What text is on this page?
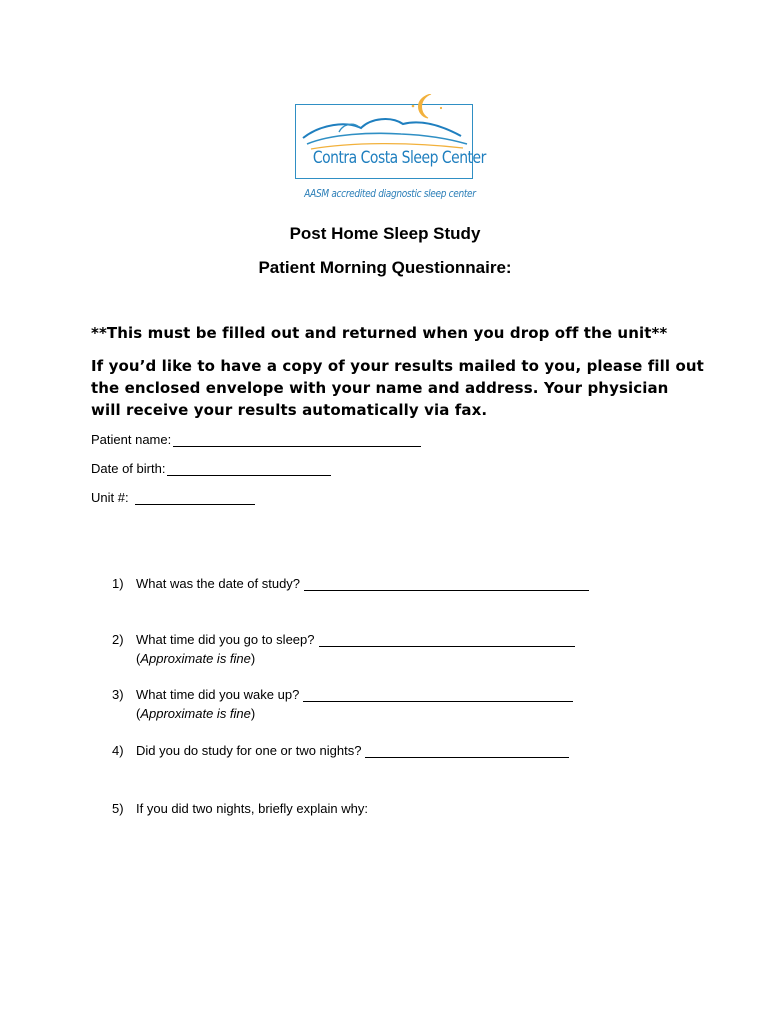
Contra Costa Sleep Center
AASM accredited diagnostic sleep center
Post Home Sleep Study
Patient Morning Questionnaire:
**This must be filled out and returned when you drop off the unit**
If you’d like to have a copy of your results mailed to you, please fill out
the enclosed envelope with your name and address. Your physician
will receive your results automatically via fax.
Patient name:
Date of birth:
Unit #:
1) What was the date of study?
2) What time did you go to sleep?
(Approximate is fine)
3) What time did you wake up?
(Approximate is fine)
4) Did you do study for one or two nights?
5) If you did two nights, briefly explain why:
